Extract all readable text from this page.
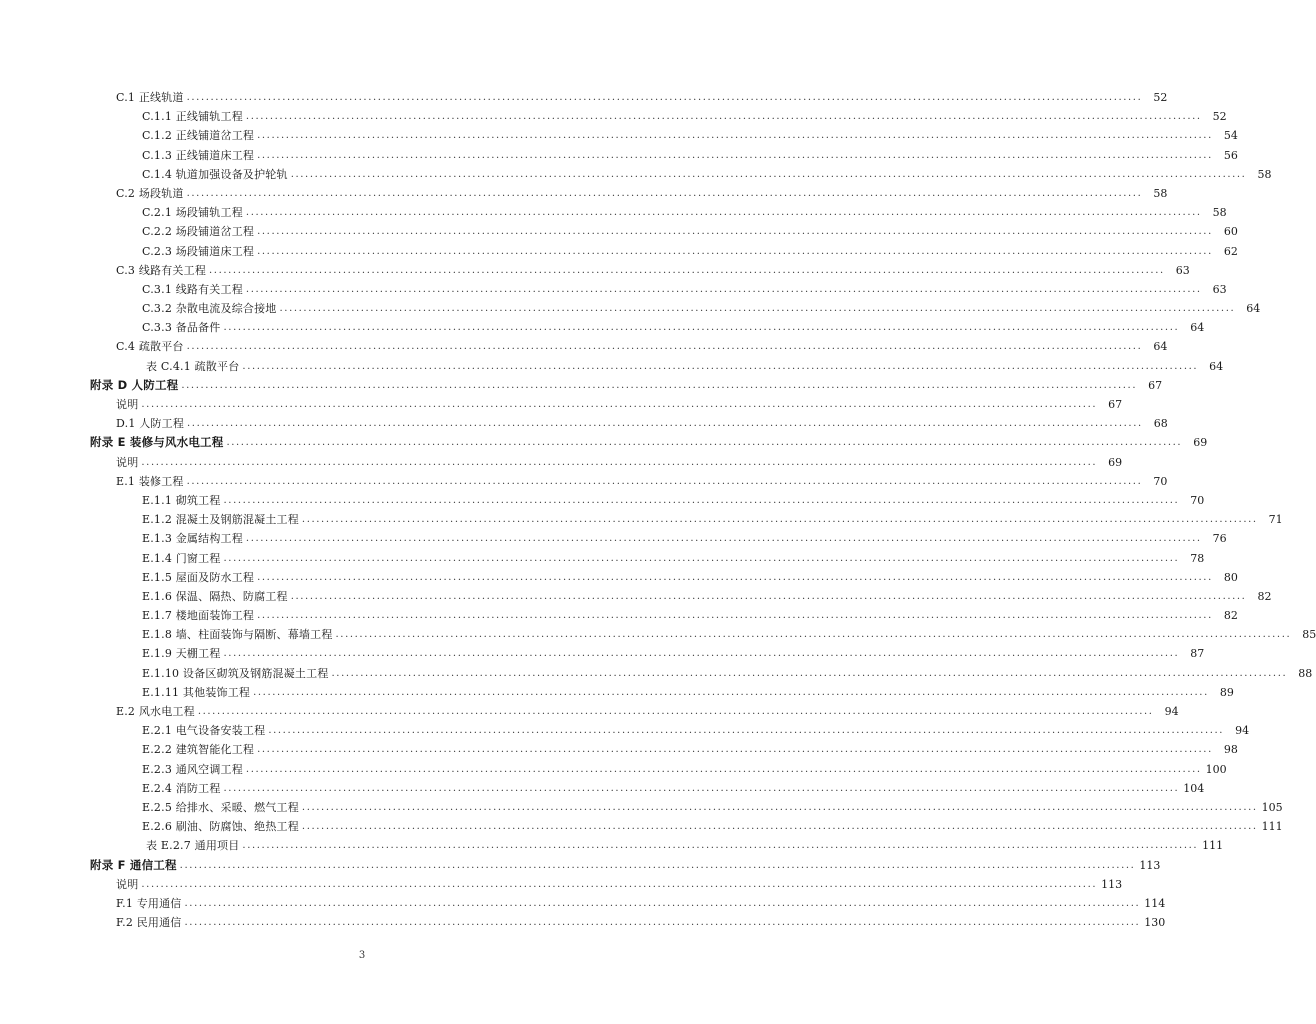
C.1 正线轨道 ........................................................................................................................................................................................................	52
C.1.1 正线铺轨工程 ........................................................................................................................................................................................................	52
C.1.2 正线铺道岔工程 ........................................................................................................................................................................................................	54
C.1.3 正线铺道床工程 ........................................................................................................................................................................................................	56
C.1.4 轨道加强设备及护轮轨 ........................................................................................................................................................................................................	58
C.2 场段轨道 ........................................................................................................................................................................................................	58
C.2.1 场段铺轨工程 ........................................................................................................................................................................................................	58
C.2.2 场段铺道岔工程 ........................................................................................................................................................................................................	60
C.2.3 场段铺道床工程 ........................................................................................................................................................................................................	62
C.3 线路有关工程 ........................................................................................................................................................................................................	63
C.3.1 线路有关工程 ........................................................................................................................................................................................................	63
C.3.2 杂散电流及综合接地 ........................................................................................................................................................................................................	64
C.3.3 备品备件 ........................................................................................................................................................................................................	64
C.4 疏散平台 ........................................................................................................................................................................................................	64
表 C.4.1 疏散平台 ........................................................................................................................................................................................................	64
附录 D 人防工程 ........................................................................................................................................................................................................	67
说明 ........................................................................................................................................................................................................	67
D.1 人防工程 ........................................................................................................................................................................................................	68
附录 E 装修与风水电工程 ........................................................................................................................................................................................................	69
说明 ........................................................................................................................................................................................................	69
E.1 装修工程 ........................................................................................................................................................................................................	70
E.1.1 砌筑工程 ........................................................................................................................................................................................................	70
E.1.2 混凝土及钢筋混凝土工程 ........................................................................................................................................................................................................	71
E.1.3 金属结构工程 ........................................................................................................................................................................................................	76
E.1.4 门窗工程 ........................................................................................................................................................................................................	78
E.1.5 屋面及防水工程 ........................................................................................................................................................................................................	80
E.1.6 保温、隔热、防腐工程 ........................................................................................................................................................................................................	82
E.1.7 楼地面装饰工程 ........................................................................................................................................................................................................	82
E.1.8 墙、柱面装饰与隔断、幕墙工程 ........................................................................................................................................................................................................	85
E.1.9 天棚工程 ........................................................................................................................................................................................................	87
E.1.10 设备区砌筑及钢筋混凝土工程 ........................................................................................................................................................................................................	88
E.1.11 其他装饰工程 ........................................................................................................................................................................................................	89
E.2 风水电工程 ........................................................................................................................................................................................................	94
E.2.1 电气设备安装工程 ........................................................................................................................................................................................................	94
E.2.2 建筑智能化工程 ........................................................................................................................................................................................................	98
E.2.3 通风空调工程 ........................................................................................................................................................................................................ 100
E.2.4 消防工程 ........................................................................................................................................................................................................ 104
E.2.5 给排水、采暖、燃气工程 ........................................................................................................................................................................................................ 105
E.2.6 刷油、防腐蚀、绝热工程 ........................................................................................................................................................................................................ 111
表 E.2.7 通用项目 ........................................................................................................................................................................................................ 111
附录 F 通信工程 ........................................................................................................................................................................................................ 113
说明 ........................................................................................................................................................................................................ 113
F.1 专用通信 ........................................................................................................................................................................................................ 114
F.2 民用通信 ........................................................................................................................................................................................................ 130
3
